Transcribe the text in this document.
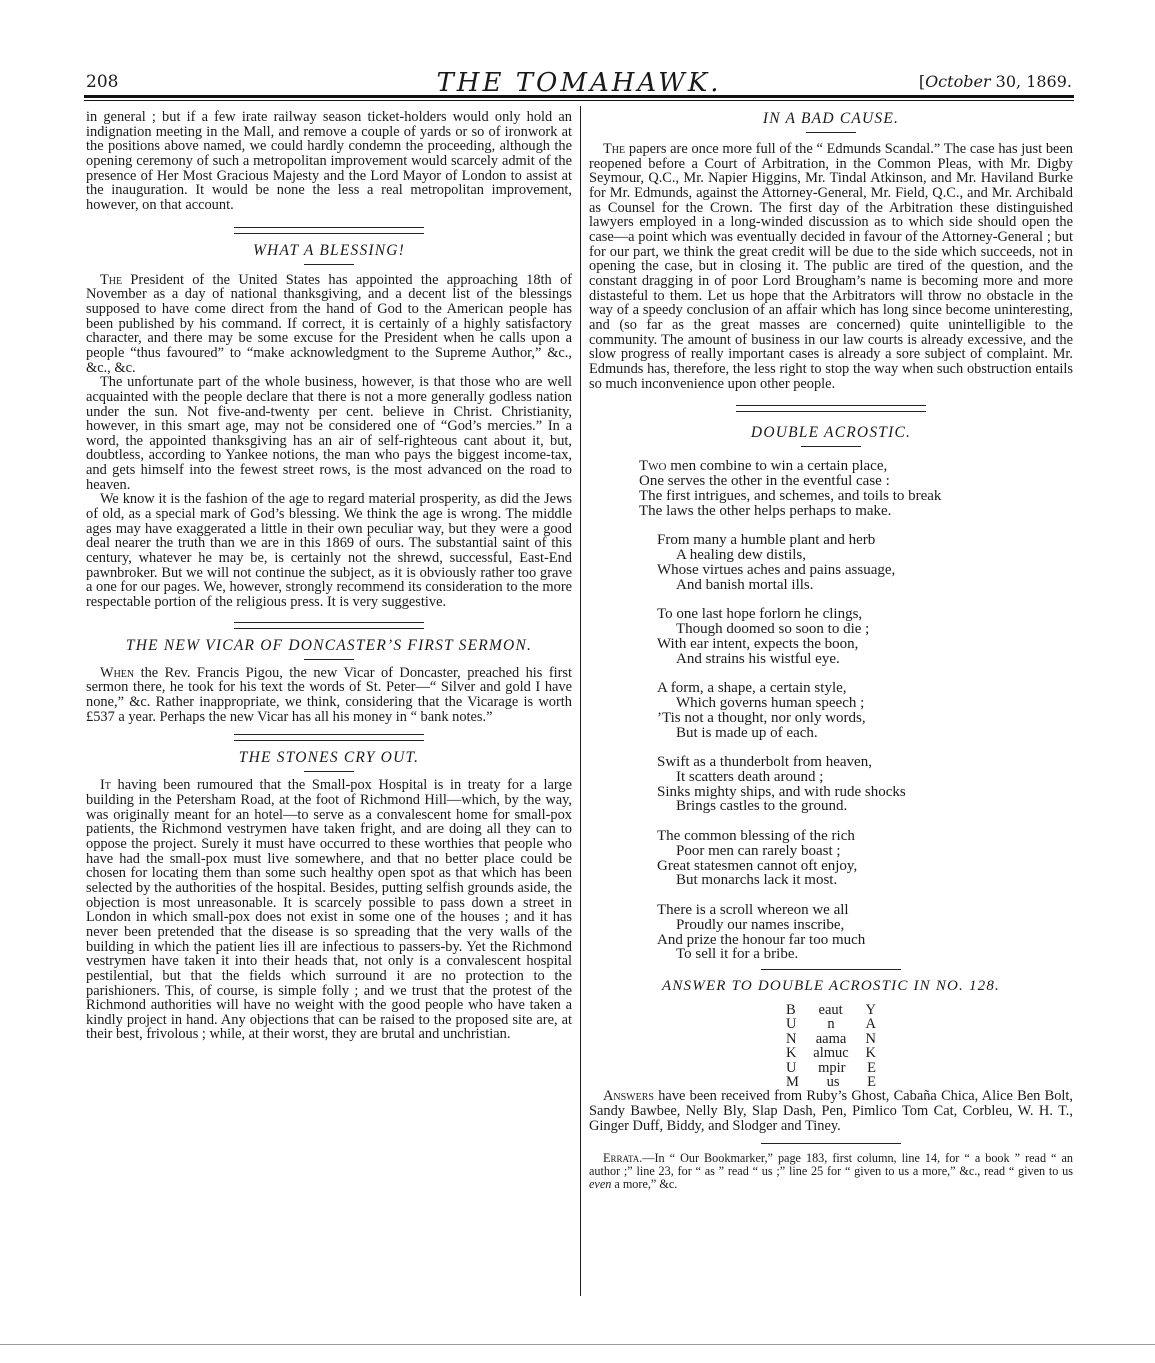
208	THE TOMAHAWK.	[October 30, 1869.

in general ; but if a few irate railway season ticket-holders would only hold an indignation meeting in the Mall, and remove a couple of yards or so of ironwork at the positions above named, we could hardly condemn the proceeding, although the opening ceremony of such a metropolitan improvement would scarcely admit of the presence of Her Most Gracious Majesty and the Lord Mayor of London to assist at the inauguration. It would be none the less a real metropolitan improvement, however, on that account.

WHAT A BLESSING!

The President of the United States has appointed the approaching 18th of November as a day of national thanksgiving, and a decent list of the blessings supposed to have come direct from the hand of God to the American people has been published by his command. If correct, it is certainly of a highly satisfactory character, and there may be some excuse for the President when he calls upon a people “thus favoured” to “make acknowledgment to the Supreme Author,” &c., &c., &c.

The unfortunate part of the whole business, however, is that those who are well acquainted with the people declare that there is not a more generally godless nation under the sun. Not five-and-twenty per cent. believe in Christ. Christianity, however, in this smart age, may not be considered one of “God’s mercies.” In a word, the appointed thanksgiving has an air of self-righteous cant about it, but, doubtless, according to Yankee notions, the man who pays the biggest income-tax, and gets himself into the fewest street rows, is the most advanced on the road to heaven.

We know it is the fashion of the age to regard material prosperity, as did the Jews of old, as a special mark of God’s blessing. We think the age is wrong. The middle ages may have exaggerated a little in their own peculiar way, but they were a good deal nearer the truth than we are in this 1869 of ours. The substantial saint of this century, whatever he may be, is certainly not the shrewd, successful, East-End pawnbroker. But we will not continue the subject, as it is obviously rather too grave a one for our pages. We, however, strongly recommend its consideration to the more respectable portion of the religious press. It is very suggestive.

THE NEW VICAR OF DONCASTER’S FIRST SERMON.

When the Rev. Francis Pigou, the new Vicar of Doncaster, preached his first sermon there, he took for his text the words of St. Peter—“ Silver and gold I have none,” &c. Rather inappropriate, we think, considering that the Vicarage is worth £537 a year. Perhaps the new Vicar has all his money in “ bank notes.”

THE STONES CRY OUT.

It having been rumoured that the Small-pox Hospital is in treaty for a large building in the Petersham Road, at the foot of Richmond Hill—which, by the way, was originally meant for an hotel—to serve as a convalescent home for small-pox patients, the Richmond vestrymen have taken fright, and are doing all they can to oppose the project. Surely it must have occurred to these worthies that people who have had the small-pox must live somewhere, and that no better place could be chosen for locating them than some such healthy open spot as that which has been selected by the authorities of the hospital. Besides, putting selfish grounds aside, the objection is most unreasonable. It is scarcely possible to pass down a street in London in which small-pox does not exist in some one of the houses ; and it has never been pretended that the disease is so spreading that the very walls of the building in which the patient lies ill are infectious to passers-by. Yet the Richmond vestrymen have taken it into their heads that, not only is a convalescent hospital pestilential, but that the fields which surround it are no protection to the parishioners. This, of course, is simple folly ; and we trust that the protest of the Richmond authorities will have no weight with the good people who have taken a kindly project in hand. Any objections that can be raised to the proposed site are, at their best, frivolous ; while, at their worst, they are brutal and unchristian.

IN A BAD CAUSE.

The papers are once more full of the “ Edmunds Scandal.” The case has just been reopened before a Court of Arbitration, in the Common Pleas, with Mr. Digby Seymour, Q.C., Mr. Napier Higgins, Mr. Tindal Atkinson, and Mr. Haviland Burke for Mr. Edmunds, against the Attorney-General, Mr. Field, Q.C., and Mr. Archibald as Counsel for the Crown. The first day of the Arbitration these distinguished lawyers employed in a long-winded discussion as to which side should open the case—a point which was eventually decided in favour of the Attorney-General ; but for our part, we think the great credit will be due to the side which succeeds, not in opening the case, but in closing it. The public are tired of the question, and the constant dragging in of poor Lord Brougham’s name is becoming more and more distasteful to them. Let us hope that the Arbitrators will throw no obstacle in the way of a speedy conclusion of an affair which has long since become uninteresting, and (so far as the great masses are concerned) quite unintelligible to the community. The amount of business in our law courts is already excessive, and the slow progress of really important cases is already a sore subject of complaint. Mr. Edmunds has, therefore, the less right to stop the way when such obstruction entails so much inconvenience upon other people.

DOUBLE ACROSTIC.
Two men combine to win a certain place,
One serves the other in the eventful case :
The first intrigues, and schemes, and toils to break
The laws the other helps perhaps to make.
From many a humble plant and herb
A healing dew distils,
Whose virtues aches and pains assuage,
And banish mortal ills.
To one last hope forlorn he clings,
Though doomed so soon to die ;
With ear intent, expects the boon,
And strains his wistful eye.
A form, a shape, a certain style,
Which governs human speech ;
’Tis not a thought, nor only words,
But is made up of each.
Swift as a thunderbolt from heaven,
It scatters death around ;
Sinks mighty ships, and with rude shocks
Brings castles to the ground.
The common blessing of the rich
Poor men can rarely boast ;
Great statesmen cannot oft enjoy,
But monarchs lack it most.
There is a scroll whereon we all
Proudly our names inscribe,
And prize the honour far too much
To sell it for a bribe.
ANSWER TO DOUBLE ACROSTIC IN NO. 128.
B	eaut	Y
U	n	A
N	aama	N
K	almuc	K
U	mpir	E
M	us	E

Answers have been received from Ruby’s Ghost, Cabaña Chica, Alice Ben Bolt, Sandy Bawbee, Nelly Bly, Slap Dash, Pen, Pimlico Tom Cat, Corbleu, W. H. T., Ginger Duff, Biddy, and Slodger and Tiney.

Errata.—In “ Our Bookmarker,” page 183, first column, line 14, for “ a book ” read “ an author ;” line 23, for “ as ” read “ us ;” line 25 for “ given to us a more,” &c., read “ given to us even a more,” &c.
